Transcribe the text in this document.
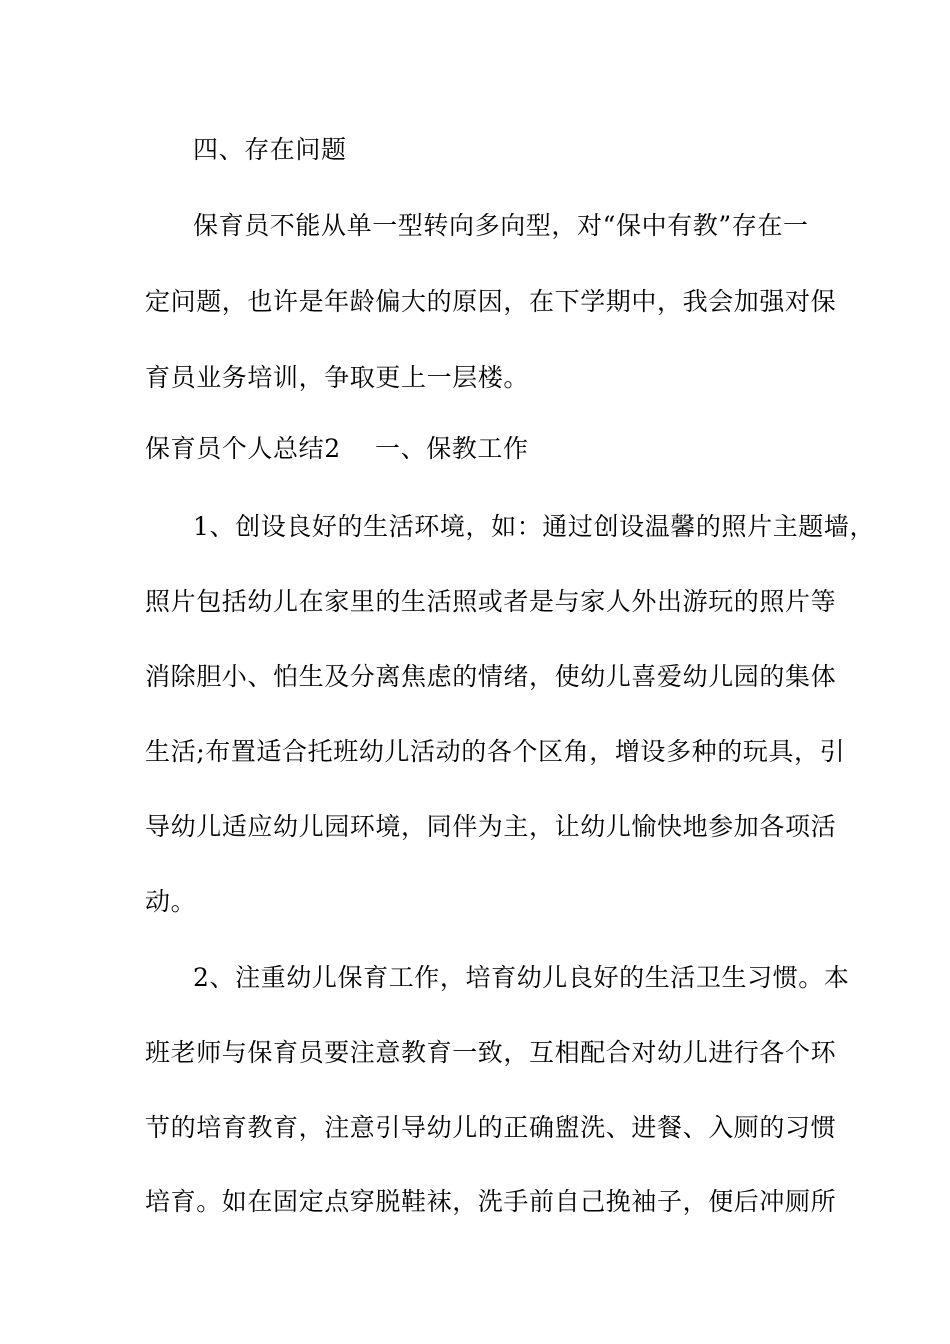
四、存在问题
保育员不能从单一型转向多向型，对“保中有教”存在一
定问题，也许是年龄偏大的原因，在下学期中，我会加强对保
育员业务培训，争取更上一层楼。
保育员个人总结2 一、保教工作
1、创设良好的生活环境，如：通过创设温馨的照片主题墙，
照片包括幼儿在家里的生活照或者是与家人外出游玩的照片等
消除胆小、怕生及分离焦虑的情绪，使幼儿喜爱幼儿园的集体
生活;布置适合托班幼儿活动的各个区角，增设多种的玩具，引
导幼儿适应幼儿园环境，同伴为主，让幼儿愉快地参加各项活
动。
2、注重幼儿保育工作，培育幼儿良好的生活卫生习惯。本
班老师与保育员要注意教育一致，互相配合对幼儿进行各个环
节的培育教育，注意引导幼儿的正确盥洗、进餐、入厕的习惯
培育。如在固定点穿脱鞋袜，洗手前自己挽袖子，便后冲厕所
